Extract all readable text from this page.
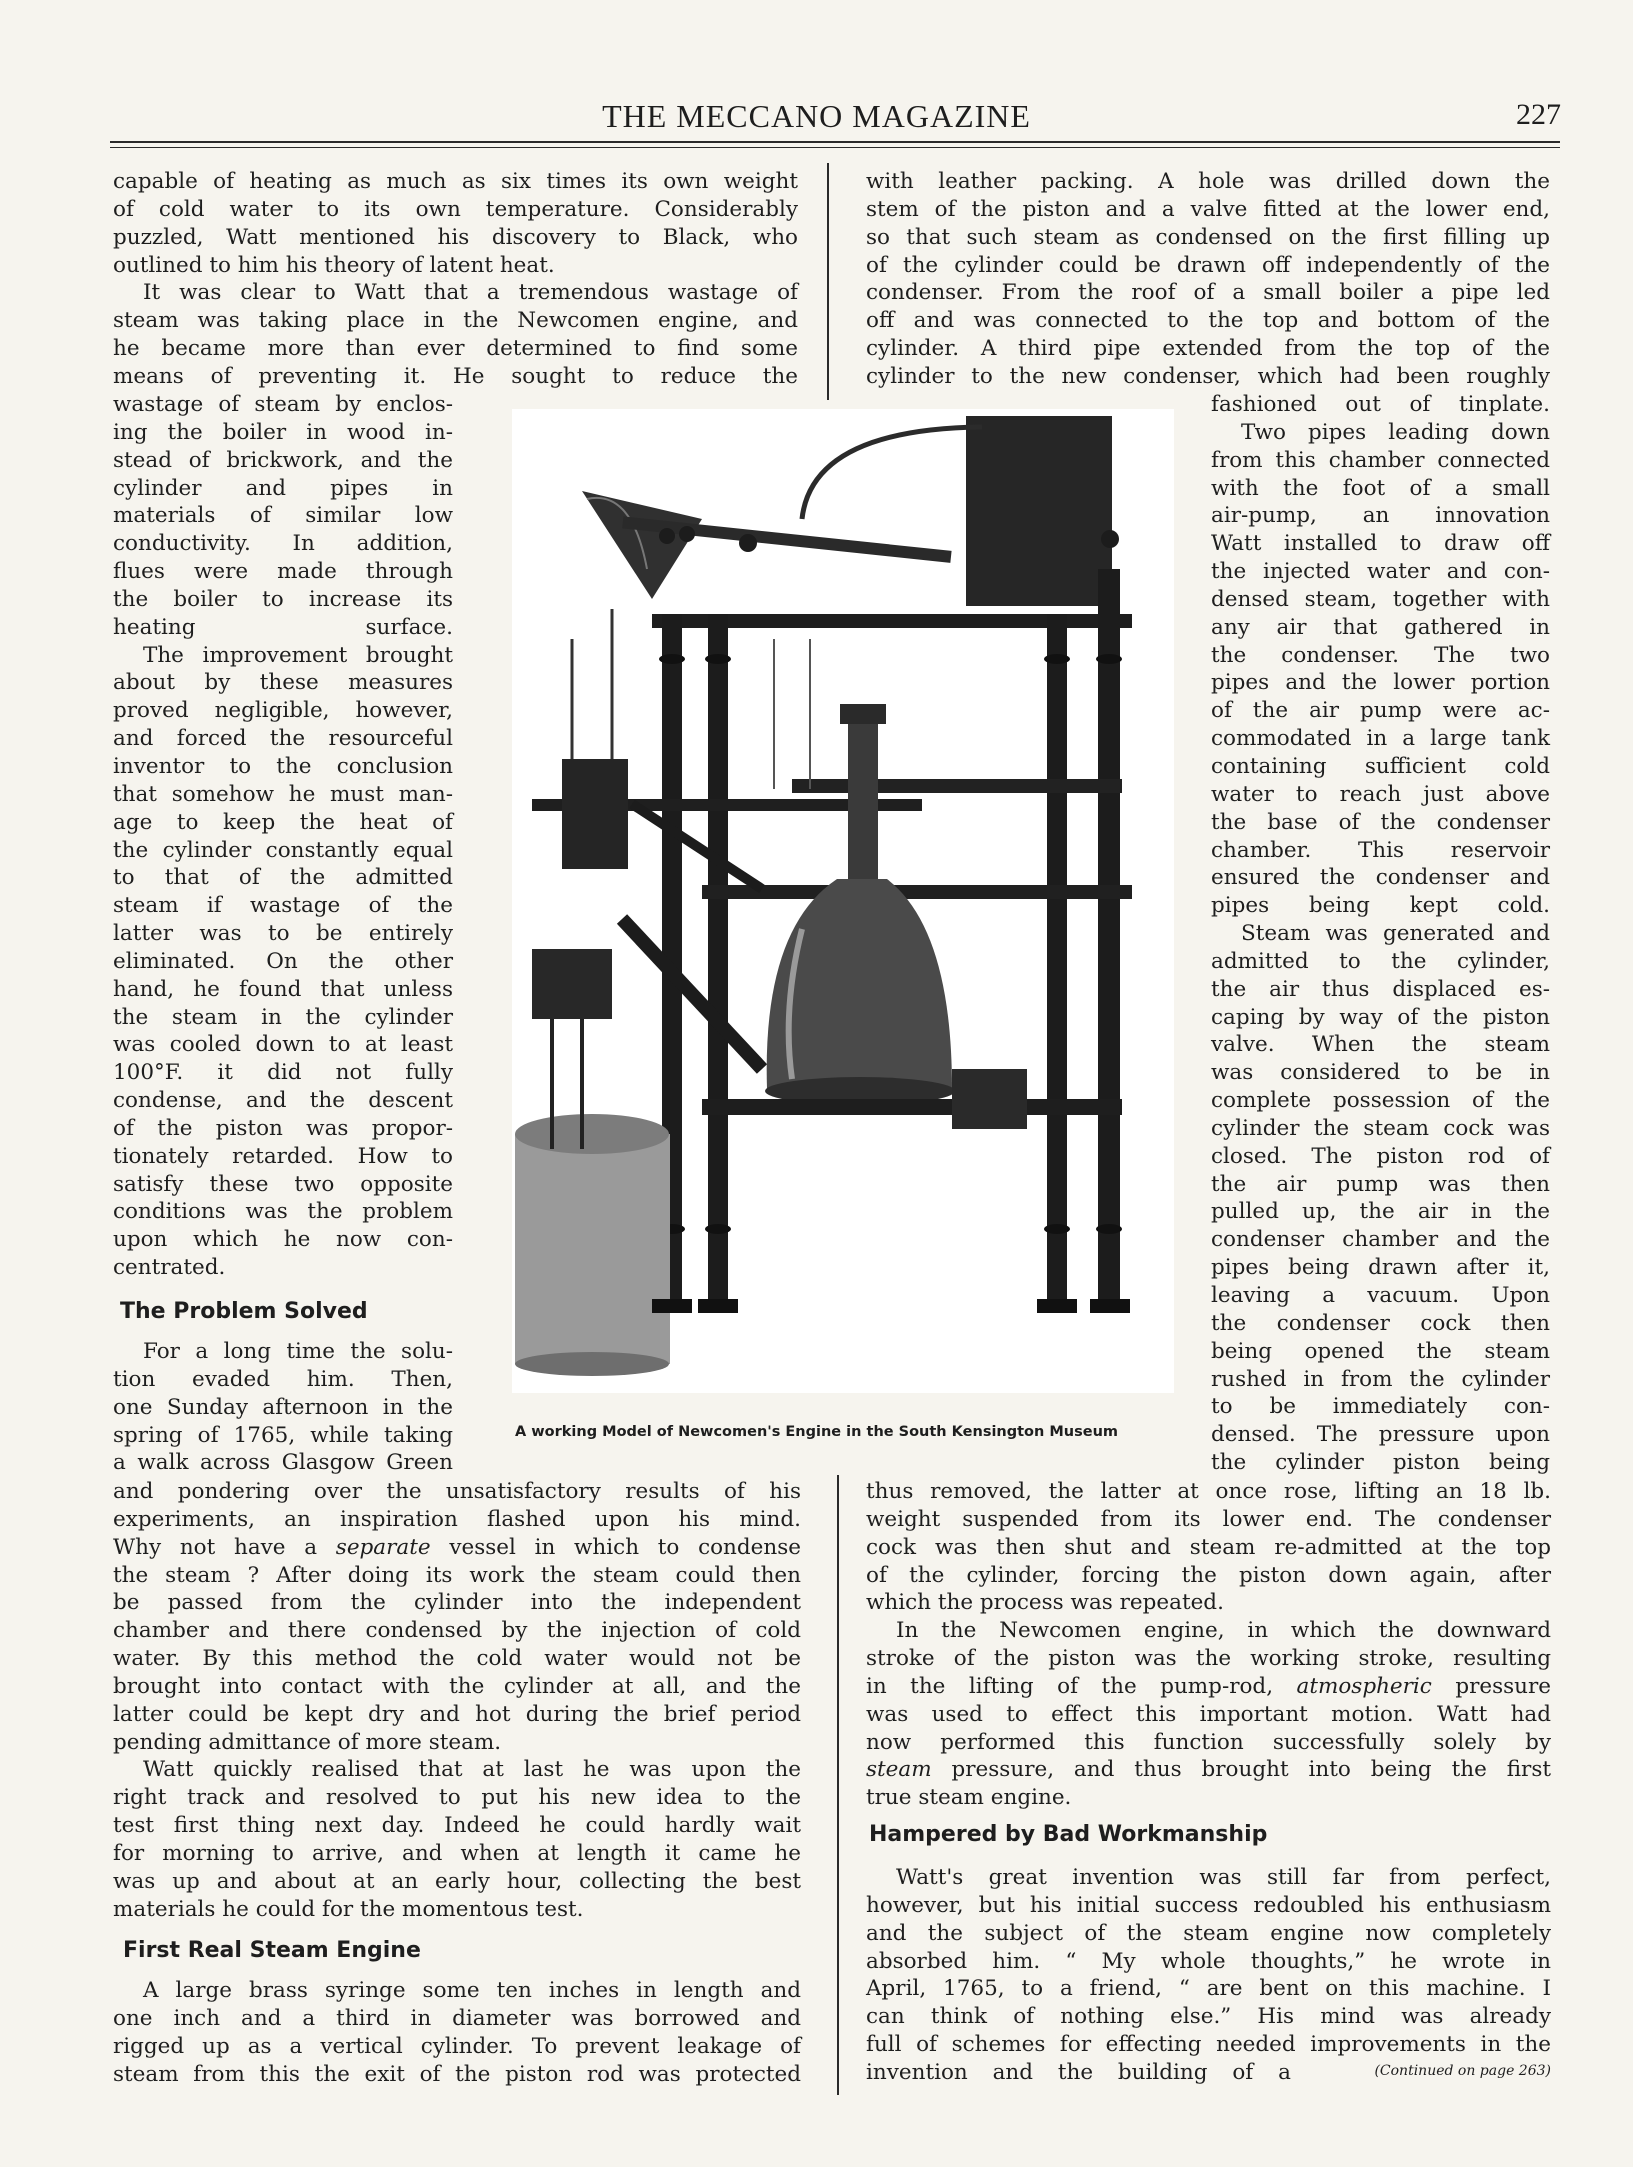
THE MECCANO MAGAZINE	227

capable of heating as much as six times its own weight
of cold water to its own temperature. Considerably
puzzled, Watt mentioned his discovery to Black, who
outlined to him his theory of latent heat.

It was clear to Watt that a tremendous wastage of
steam was taking place in the Newcomen engine, and
he became more than ever determined to find some
means of preventing it. He sought to reduce the

wastage of steam by enclos-
ing the boiler in wood in-
stead of brickwork, and the
cylinder and pipes in
materials of similar low
conductivity. In addition,
flues were made through
the boiler to increase its
heating surface.
The improvement brought
about by these measures
proved negligible, however,
and forced the resourceful
inventor to the conclusion
that somehow he must man-
age to keep the heat of
the cylinder constantly equal
to that of the admitted
steam if wastage of the
latter was to be entirely
eliminated. On the other
hand, he found that unless
the steam in the cylinder
was cooled down to at least
100°F. it did not fully
condense, and the descent
of the piston was propor-
tionately retarded. How to
satisfy these two opposite
conditions was the problem
upon which he now con-
centrated.

The Problem Solved

For a long time the solu-
tion evaded him. Then,
one Sunday afternoon in the
spring of 1765, while taking
a walk across Glasgow Green

and pondering over the unsatisfactory results of his
experiments, an inspiration flashed upon his mind.
Why not have a separate vessel in which to condense
the steam ? After doing its work the steam could then
be passed from the cylinder into the independent
chamber and there condensed by the injection of cold
water. By this method the cold water would not be
brought into contact with the cylinder at all, and the
latter could be kept dry and hot during the brief period
pending admittance of more steam.

Watt quickly realised that at last he was upon the
right track and resolved to put his new idea to the
test first thing next day. Indeed he could hardly wait
for morning to arrive, and when at length it came he
was up and about at an early hour, collecting the best
materials he could for the momentous test.

First Real Steam Engine

A large brass syringe some ten inches in length and
one inch and a third in diameter was borrowed and
rigged up as a vertical cylinder. To prevent leakage of
steam from this the exit of the piston rod was protected

with leather packing. A hole was drilled down the
stem of the piston and a valve fitted at the lower end,
so that such steam as condensed on the first filling up
of the cylinder could be drawn off independently of the
condenser. From the roof of a small boiler a pipe led
off and was connected to the top and bottom of the
cylinder. A third pipe extended from the top of the
cylinder to the new condenser, which had been roughly

fashioned out of tinplate.
Two pipes leading down
from this chamber connected
with the foot of a small
air-pump, an innovation
Watt installed to draw off
the injected water and con-
densed steam, together with
any air that gathered in
the condenser. The two
pipes and the lower portion
of the air pump were ac-
commodated in a large tank
containing sufficient cold
water to reach just above
the base of the condenser
chamber. This reservoir
ensured the condenser and
pipes being kept cold.
Steam was generated and
admitted to the cylinder,
the air thus displaced es-
caping by way of the piston
valve. When the steam
was considered to be in
complete possession of the
cylinder the steam cock was
closed. The piston rod of
the air pump was then
pulled up, the air in the
condenser chamber and the
pipes being drawn after it,
leaving a vacuum. Upon
the condenser cock then
being opened the steam
rushed in from the cylinder
to be immediately con-
densed. The pressure upon
the cylinder piston being

thus removed, the latter at once rose, lifting an 18 lb.
weight suspended from its lower end. The condenser
cock was then shut and steam re-admitted at the top
of the cylinder, forcing the piston down again, after
which the process was repeated.

In the Newcomen engine, in which the downward
stroke of the piston was the working stroke, resulting
in the lifting of the pump-rod, atmospheric pressure
was used to effect this important motion. Watt had
now performed this function successfully solely by
steam pressure, and thus brought into being the first
true steam engine.

Hampered by Bad Workmanship

Watt's great invention was still far from perfect,
however, but his initial success redoubled his enthusiasm
and the subject of the steam engine now completely
absorbed him. “ My whole thoughts,” he wrote in
April, 1765, to a friend, “ are bent on this machine. I
can think of nothing else.” His mind was already
full of schemes for effecting needed improvements in the

invention and the building of a	(Continued on page 263)
A working Model of Newcomen's Engine in the South Kensington Museum
